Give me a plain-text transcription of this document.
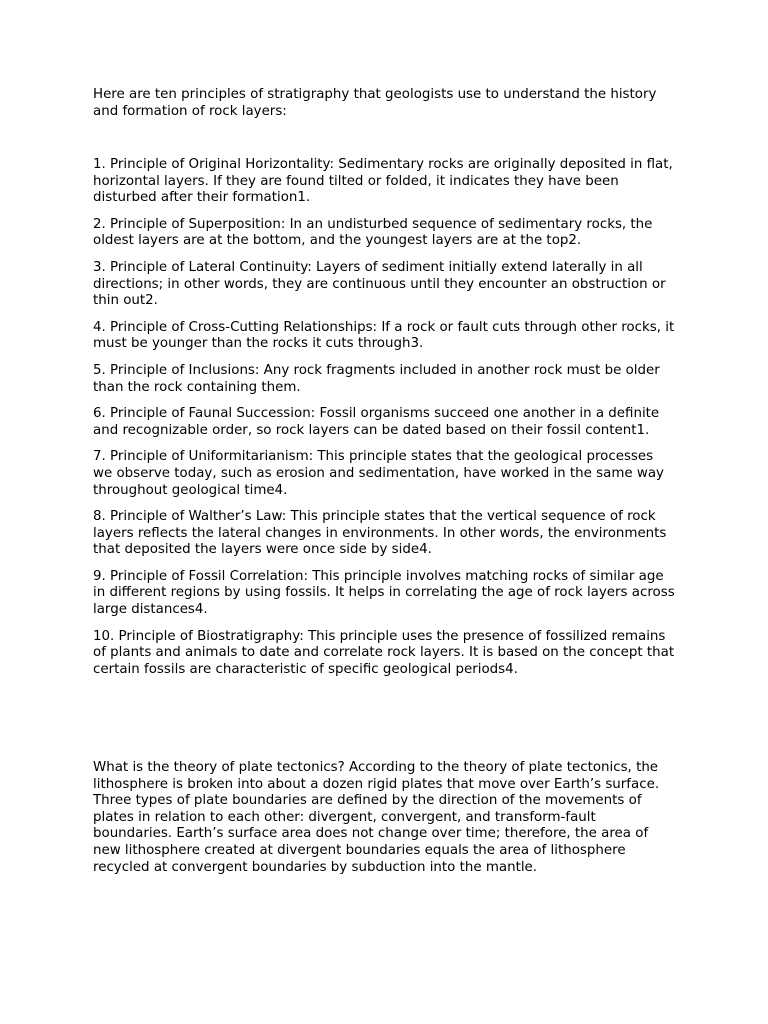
Here are ten principles of stratigraphy that geologists use to understand the history and formation of rock layers:

1. Principle of Original Horizontality: Sedimentary rocks are originally deposited in flat, horizontal layers. If they are found tilted or folded, it indicates they have been disturbed after their formation1.

2. Principle of Superposition: In an undisturbed sequence of sedimentary rocks, the oldest layers are at the bottom, and the youngest layers are at the top2.

3. Principle of Lateral Continuity: Layers of sediment initially extend laterally in all directions; in other words, they are continuous until they encounter an obstruction or thin out2.

4. Principle of Cross-Cutting Relationships: If a rock or fault cuts through other rocks, it must be younger than the rocks it cuts through3.

5. Principle of Inclusions: Any rock fragments included in another rock must be older than the rock containing them.

6. Principle of Faunal Succession: Fossil organisms succeed one another in a definite and recognizable order, so rock layers can be dated based on their fossil content1.

7. Principle of Uniformitarianism: This principle states that the geological processes we observe today, such as erosion and sedimentation, have worked in the same way throughout geological time4.

8. Principle of Walther’s Law: This principle states that the vertical sequence of rock layers reflects the lateral changes in environments. In other words, the environments that deposited the layers were once side by side4.

9. Principle of Fossil Correlation: This principle involves matching rocks of similar age in different regions by using fossils. It helps in correlating the age of rock layers across large distances4.

10. Principle of Biostratigraphy: This principle uses the presence of fossilized remains of plants and animals to date and correlate rock layers. It is based on the concept that certain fossils are characteristic of specific geological periods4.

What is the theory of plate tectonics? According to the theory of plate tectonics, the lithosphere is broken into about a dozen rigid plates that move over Earth’s surface. Three types of plate boundaries are defined by the direction of the movements of plates in relation to each other: divergent, convergent, and transform-fault boundaries. Earth’s surface area does not change over time; therefore, the area of new lithosphere created at divergent boundaries equals the area of lithosphere recycled at convergent boundaries by subduction into the mantle.
